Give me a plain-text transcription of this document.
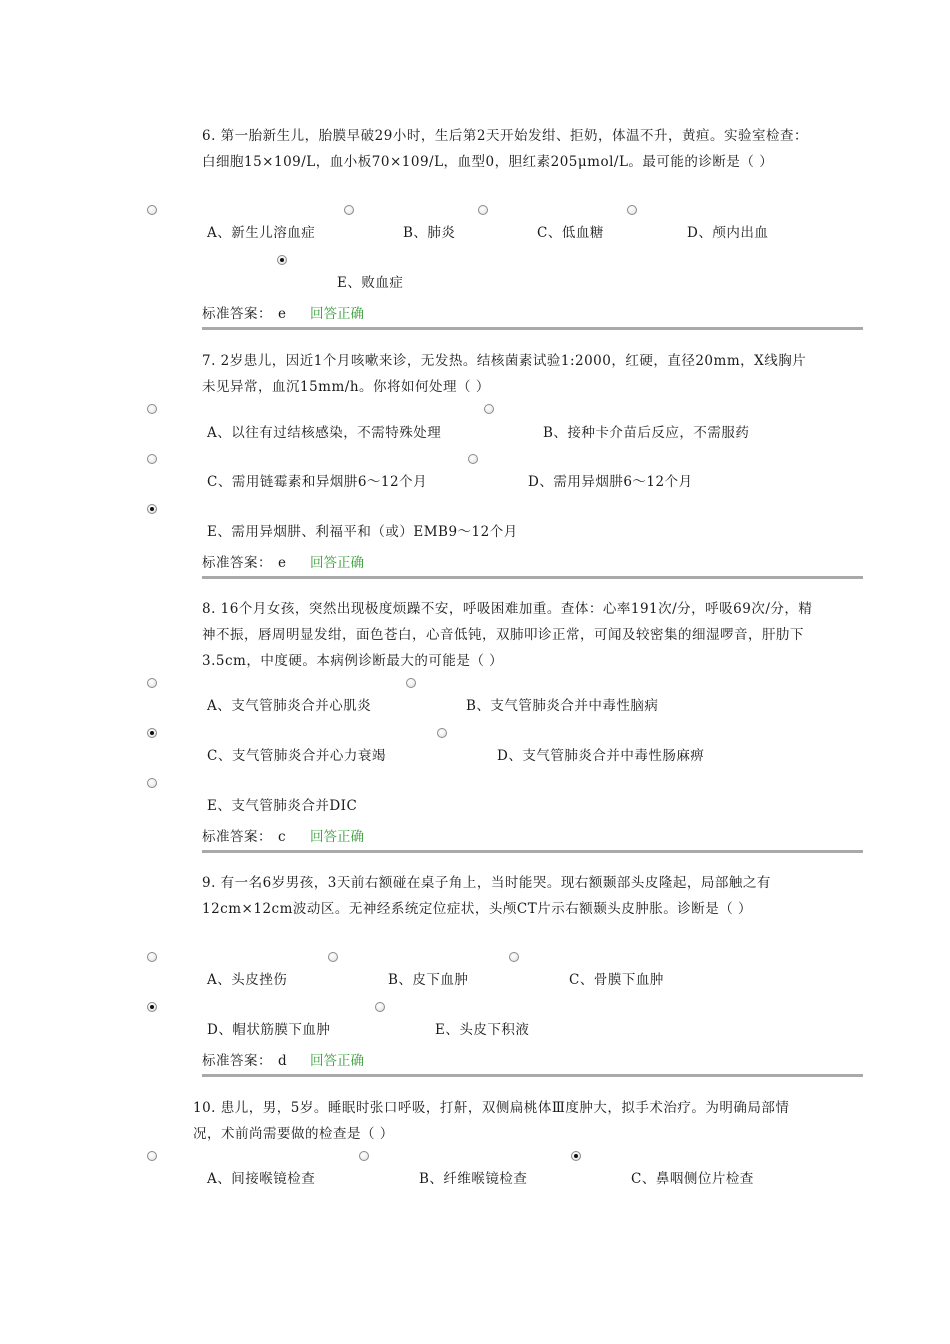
6. 第一胎新生儿，胎膜早破29小时，生后第2天开始发绀、拒奶，体温不升，黄疸。实验室检查：白细胞15×109/L，血小板70×109/L，血型0，胆红素205μmol/L。最可能的诊断是（ ）

A、新生儿溶血症	B、肺炎	C、低血糖	D、颅内出血
E、败血症
标准答案： e 回答正确

7. 2岁患儿，因近1个月咳嗽来诊，无发热。结核菌素试验1:2000，红硬，直径20mm，X线胸片未见异常，血沉15mm/h。你将如何处理（ ）

A、以往有过结核感染，不需特殊处理	B、接种卡介苗后反应，不需服药
C、需用链霉素和异烟肼6～12个月	D、需用异烟肼6～12个月
E、需用异烟肼、利福平和（或）EMB9～12个月
标准答案： e 回答正确

8. 16个月女孩，突然出现极度烦躁不安，呼吸困难加重。查体：心率191次/分，呼吸69次/分，精神不振，唇周明显发绀，面色苍白，心音低钝，双肺叩诊正常，可闻及较密集的细湿啰音，肝肋下3.5cm，中度硬。本病例诊断最大的可能是（ ）

A、支气管肺炎合并心肌炎	B、支气管肺炎合并中毒性脑病
C、支气管肺炎合并心力衰竭	D、支气管肺炎合并中毒性肠麻痹
E、支气管肺炎合并DIC
标准答案： c 回答正确

9. 有一名6岁男孩，3天前右额碰在桌子角上，当时能哭。现右额颞部头皮隆起，局部触之有12cm×12cm波动区。无神经系统定位症状，头颅CT片示右额颞头皮肿胀。诊断是（ ）

A、头皮挫伤	B、皮下血肿	C、骨膜下血肿
D、帽状筋膜下血肿	E、头皮下积液
标准答案： d 回答正确

10. 患儿，男，5岁。睡眠时张口呼吸，打鼾，双侧扁桃体Ⅲ度肿大，拟手术治疗。为明确局部情况，术前尚需要做的检查是（ ）

A、间接喉镜检查	B、纤维喉镜检查	C、鼻咽侧位片检查
